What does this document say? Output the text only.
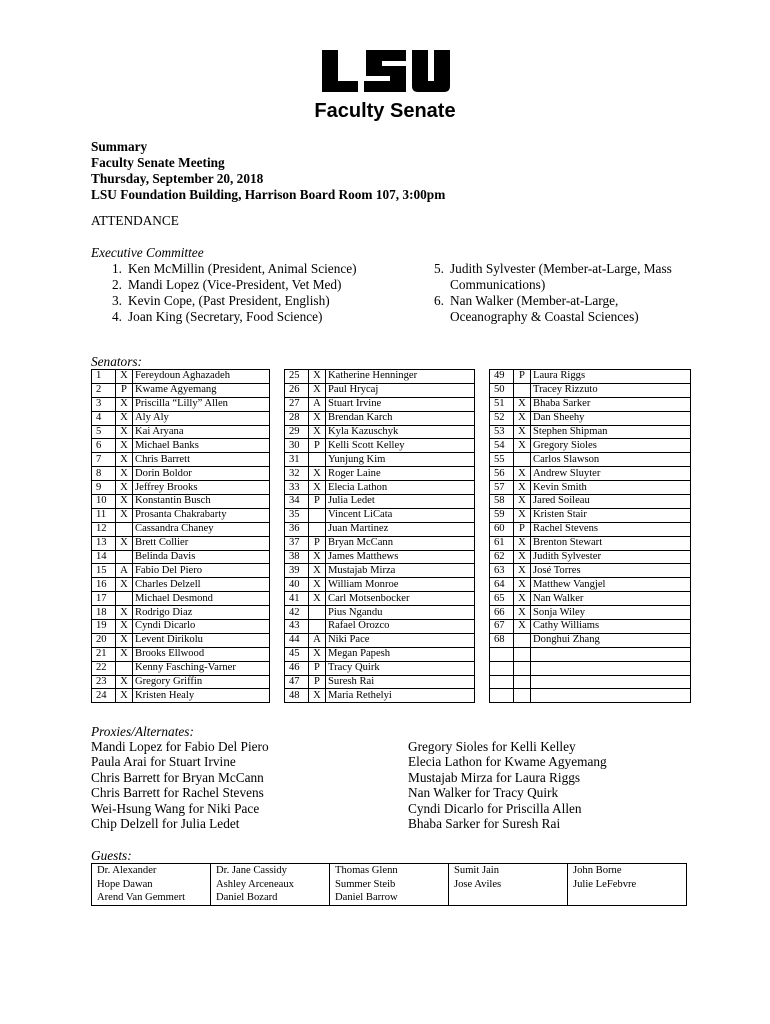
Faculty Senate
Summary
Faculty Senate Meeting
Thursday, September 20, 2018
LSU Foundation Building, Harrison Board Room 107, 3:00pm
ATTENDANCE
Executive Committee
1. Ken McMillin (President, Animal Science)
2. Mandi Lopez (Vice-President, Vet Med)
3. Kevin Cope, (Past President, English)
4. Joan King (Secretary, Food Science)
5. Judith Sylvester (Member-at-Large, Mass Communications)
6. Nan Walker (Member-at-Large, Oceanography & Coastal Sciences)
Senators:
1	X	Fereydoun Aghazadeh		25	X	Katherine Henninger		49	P	Laura Riggs
2	P	Kwame Agyemang		26	X	Paul Hrycaj		50		Tracey Rizzuto
3	X	Priscilla “Lilly” Allen		27	A	Stuart Irvine		51	X	Bhaba Sarker
4	X	Aly Aly		28	X	Brendan Karch		52	X	Dan Sheehy
5	X	Kai Aryana		29	X	Kyla Kazuschyk		53	X	Stephen Shipman
6	X	Michael Banks		30	P	Kelli Scott Kelley		54	X	Gregory Sioles
7	X	Chris Barrett		31		Yunjung Kim		55		Carlos Slawson
8	X	Dorin Boldor		32	X	Roger Laine		56	X	Andrew Sluyter
9	X	Jeffrey Brooks		33	X	Elecia Lathon		57	X	Kevin Smith
10	X	Konstantin Busch		34	P	Julia Ledet		58	X	Jared Soileau
11	X	Prosanta Chakrabarty		35		Vincent LiCata		59	X	Kristen Stair
12		Cassandra Chaney		36		Juan Martinez		60	P	Rachel Stevens
13	X	Brett Collier		37	P	Bryan McCann		61	X	Brenton Stewart
14		Belinda Davis		38	X	James Matthews		62	X	Judith Sylvester
15	A	Fabio Del Piero		39	X	Mustajab Mirza		63	X	José Torres
16	X	Charles Delzell		40	X	William Monroe		64	X	Matthew Vangjel
17		Michael Desmond		41	X	Carl Motsenbocker		65	X	Nan Walker
18	X	Rodrigo Diaz		42		Pius Ngandu		66	X	Sonja Wiley
19	X	Cyndi Dicarlo		43		Rafael Orozco		67	X	Cathy Williams
20	X	Levent Dirikolu		44	A	Niki Pace		68		Donghui Zhang
21	X	Brooks Ellwood		45	X	Megan Papesh				
22		Kenny Fasching-Varner		46	P	Tracy Quirk				
23	X	Gregory Griffin		47	P	Suresh Rai				
24	X	Kristen Healy		48	X	Maria Rethelyi				
Proxies/Alternates:
Mandi Lopez for Fabio Del Piero
Paula Arai for Stuart Irvine
Chris Barrett for Bryan McCann
Chris Barrett for Rachel Stevens
Wei-Hsung Wang for Niki Pace
Chip Delzell for Julia Ledet
Gregory Sioles for Kelli Kelley
Elecia Lathon for Kwame Agyemang
Mustajab Mirza for Laura Riggs
Nan Walker for Tracy Quirk
Cyndi Dicarlo for Priscilla Allen
Bhaba Sarker for Suresh Rai
Guests:
Dr. Alexander
Hope Dawan
Arend Van Gemmert

Dr. Jane Cassidy
Ashley Arceneaux
Daniel Bozard

Thomas Glenn
Summer Steib
Daniel Barrow

Sumit Jain
Jose Aviles

John Borne
Julie LeFebvre
